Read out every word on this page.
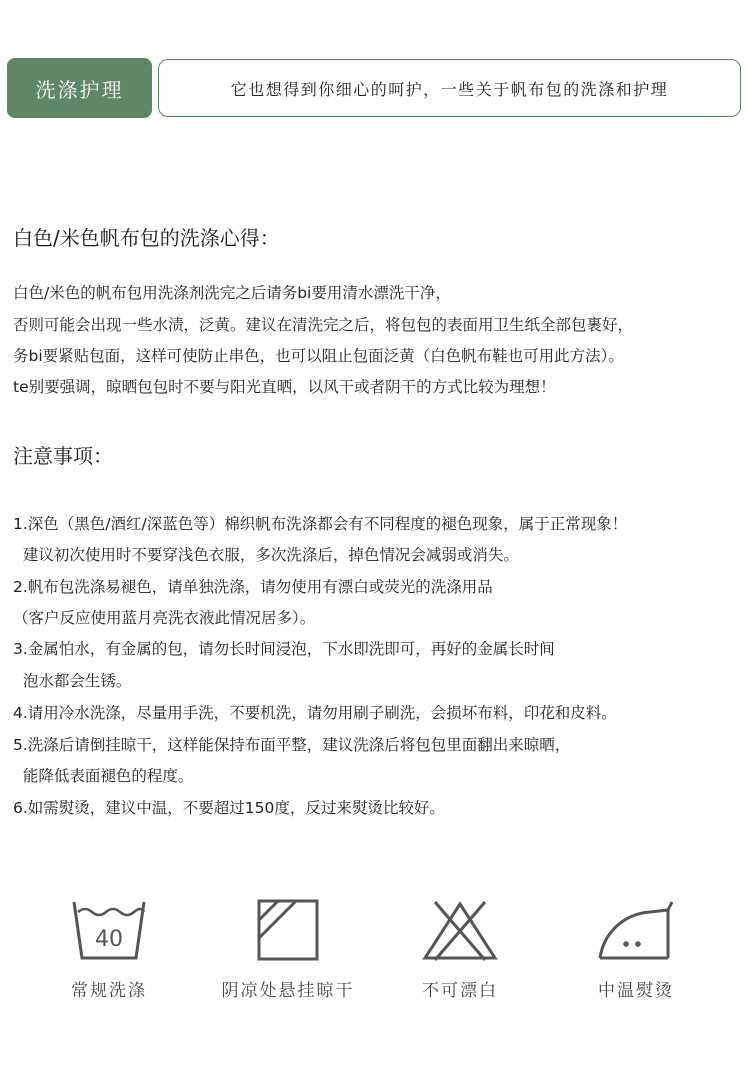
洗涤护理	它也想得到你细心的呵护，一些关于帆布包的洗涤和护理
白色/米色帆布包的洗涤心得：
白色/米色的帆布包用洗涤剂洗完之后请务bi要用清水漂洗干净，
否则可能会出现一些水渍，泛黄。建议在清洗完之后，将包包的表面用卫生纸全部包裹好，
务bi要紧贴包面，这样可使防止串色，也可以阻止包面泛黄（白色帆布鞋也可用此方法）。
te别要强调，晾晒包包时不要与阳光直晒，以风干或者阴干的方式比较为理想！
注意事项：
1.深色（黑色/酒红/深蓝色等）棉织帆布洗涤都会有不同程度的褪色现象，属于正常现象！
建议初次使用时不要穿浅色衣服，多次洗涤后，掉色情况会减弱或消失。
2.帆布包洗涤易褪色，请单独洗涤，请勿使用有漂白或荧光的洗涤用品
（客户反应使用蓝月亮洗衣液此情况居多）。
3.金属怕水，有金属的包，请勿长时间浸泡，下水即洗即可，再好的金属长时间
泡水都会生锈。
4.请用冷水洗涤，尽量用手洗，不要机洗，请勿用刷子刷洗，会损坏布料，印花和皮料。
5.洗涤后请倒挂晾干，这样能保持布面平整，建议洗涤后将包包里面翻出来晾晒，
能降低表面褪色的程度。
6.如需熨烫，建议中温，不要超过150度，反过来熨烫比较好。
40
常规洗涤	阴凉处悬挂晾干	不可漂白	中温熨烫
